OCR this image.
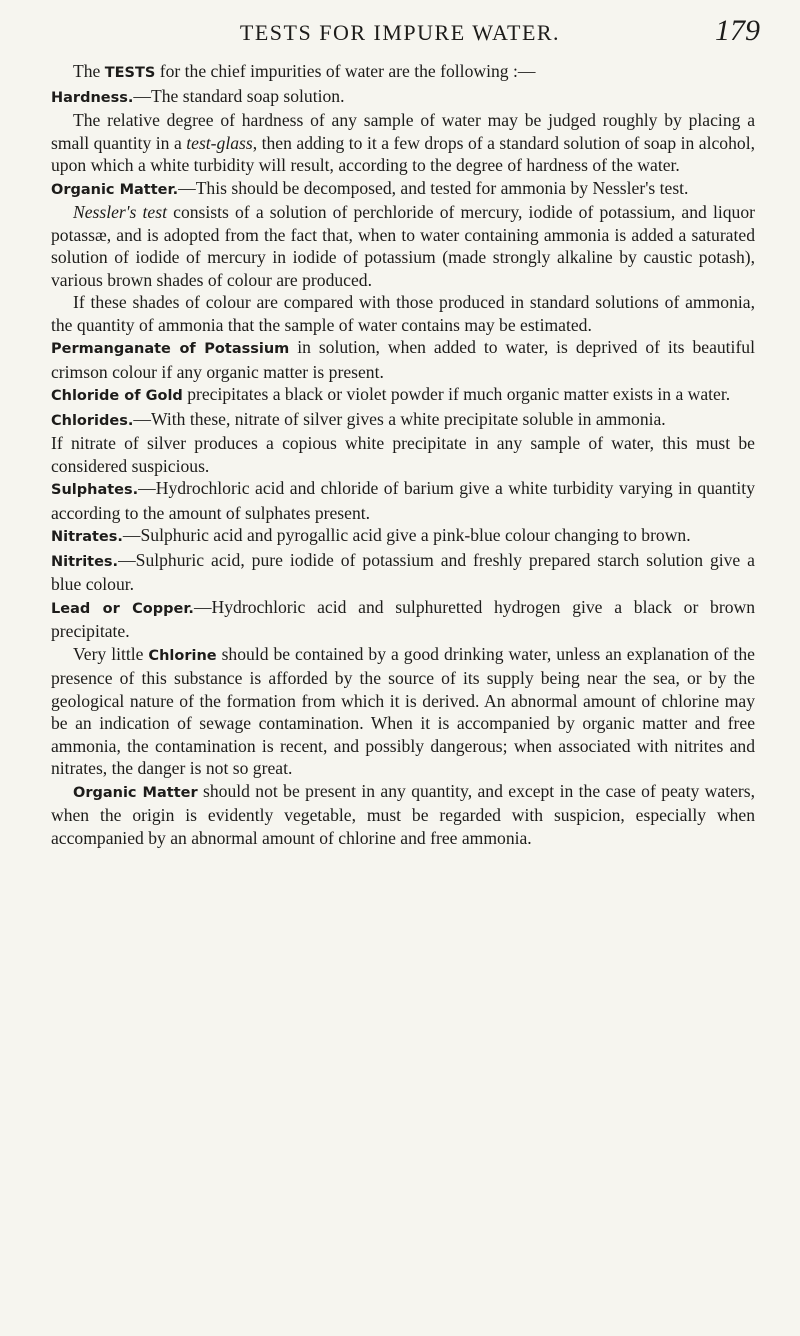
TESTS FOR IMPURE WATER.	179

The TESTS for the chief impurities of water are the following :—

Hardness.—The standard soap solution.

The relative degree of hardness of any sample of water may be judged roughly by placing a small quantity in a test-glass, then adding to it a few drops of a standard solution of soap in alcohol, upon which a white turbidity will result, according to the degree of hardness of the water.

Organic Matter.—This should be decomposed, and tested for ammonia by Nessler's test.

Nessler's test consists of a solution of perchloride of mercury, iodide of potassium, and liquor potassæ, and is adopted from the fact that, when to water containing ammonia is added a saturated solution of iodide of mercury in iodide of potassium (made strongly alkaline by caustic potash), various brown shades of colour are produced.

If these shades of colour are compared with those produced in standard solutions of ammonia, the quantity of ammonia that the sample of water contains may be estimated.

Permanganate of Potassium in solution, when added to water, is deprived of its beautiful crimson colour if any organic matter is present.

Chloride of Gold precipitates a black or violet powder if much organic matter exists in a water.

Chlorides.—With these, nitrate of silver gives a white precipitate soluble in ammonia.

If nitrate of silver produces a copious white precipitate in any sample of water, this must be considered suspicious.

Sulphates.—Hydrochloric acid and chloride of barium give a white turbidity varying in quantity according to the amount of sulphates present.

Nitrates.—Sulphuric acid and pyrogallic acid give a pink-blue colour changing to brown.

Nitrites.—Sulphuric acid, pure iodide of potassium and freshly prepared starch solution give a blue colour.

Lead or Copper.—Hydrochloric acid and sulphuretted hydrogen give a black or brown precipitate.

Very little Chlorine should be contained by a good drinking water, unless an explanation of the presence of this substance is afforded by the source of its supply being near the sea, or by the geological nature of the formation from which it is derived. An abnormal amount of chlorine may be an indication of sewage contamination. When it is accompanied by organic matter and free ammonia, the contamination is recent, and possibly dangerous; when associated with nitrites and nitrates, the danger is not so great.

Organic Matter should not be present in any quantity, and except in the case of peaty waters, when the origin is evidently vegetable, must be regarded with suspicion, especially when accompanied by an abnormal amount of chlorine and free ammonia.
